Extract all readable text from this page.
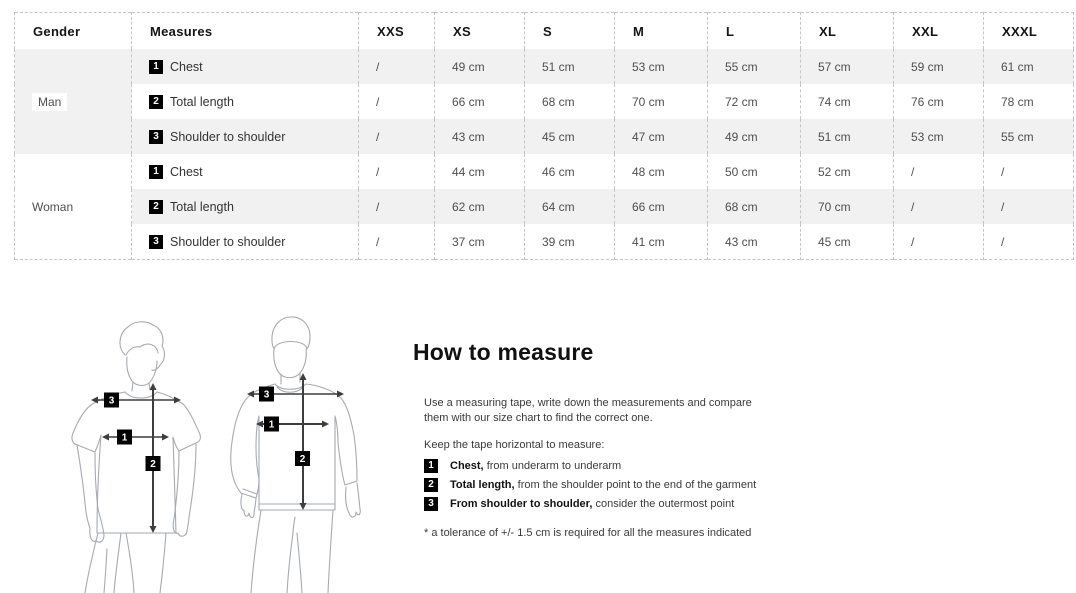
Gender	Measures	XXS	XS	S	M	L	XL	XXL	XXXL
Man	1 Chest	/	49 cm	51 cm	53 cm	55 cm	57 cm	59 cm	61 cm

	2 Total length	/	66 cm	68 cm	70 cm	72 cm	74 cm	76 cm	78 cm

	3 Shoulder to shoulder	/	43 cm	45 cm	47 cm	49 cm	51 cm	53 cm	55 cm
Woman	1 Chest	/	44 cm	46 cm	48 cm	50 cm	52 cm	/	/

	2 Total length	/	62 cm	64 cm	66 cm	68 cm	70 cm	/	/

	3 Shoulder to shoulder	/	37 cm	39 cm	41 cm	43 cm	45 cm	/	/
3
1
2
3
1
2
How to measure

Use a measuring tape, write down the measurements and compare them with our size chart to find the correct one.

Keep the tape horizontal to measure:

1	Chest, from underarm to underarm
2	Total length, from the shoulder point to the end of the garment
3	From shoulder to shoulder, consider the outermost point

* a tolerance of +/- 1.5 cm is required for all the measures indicated
